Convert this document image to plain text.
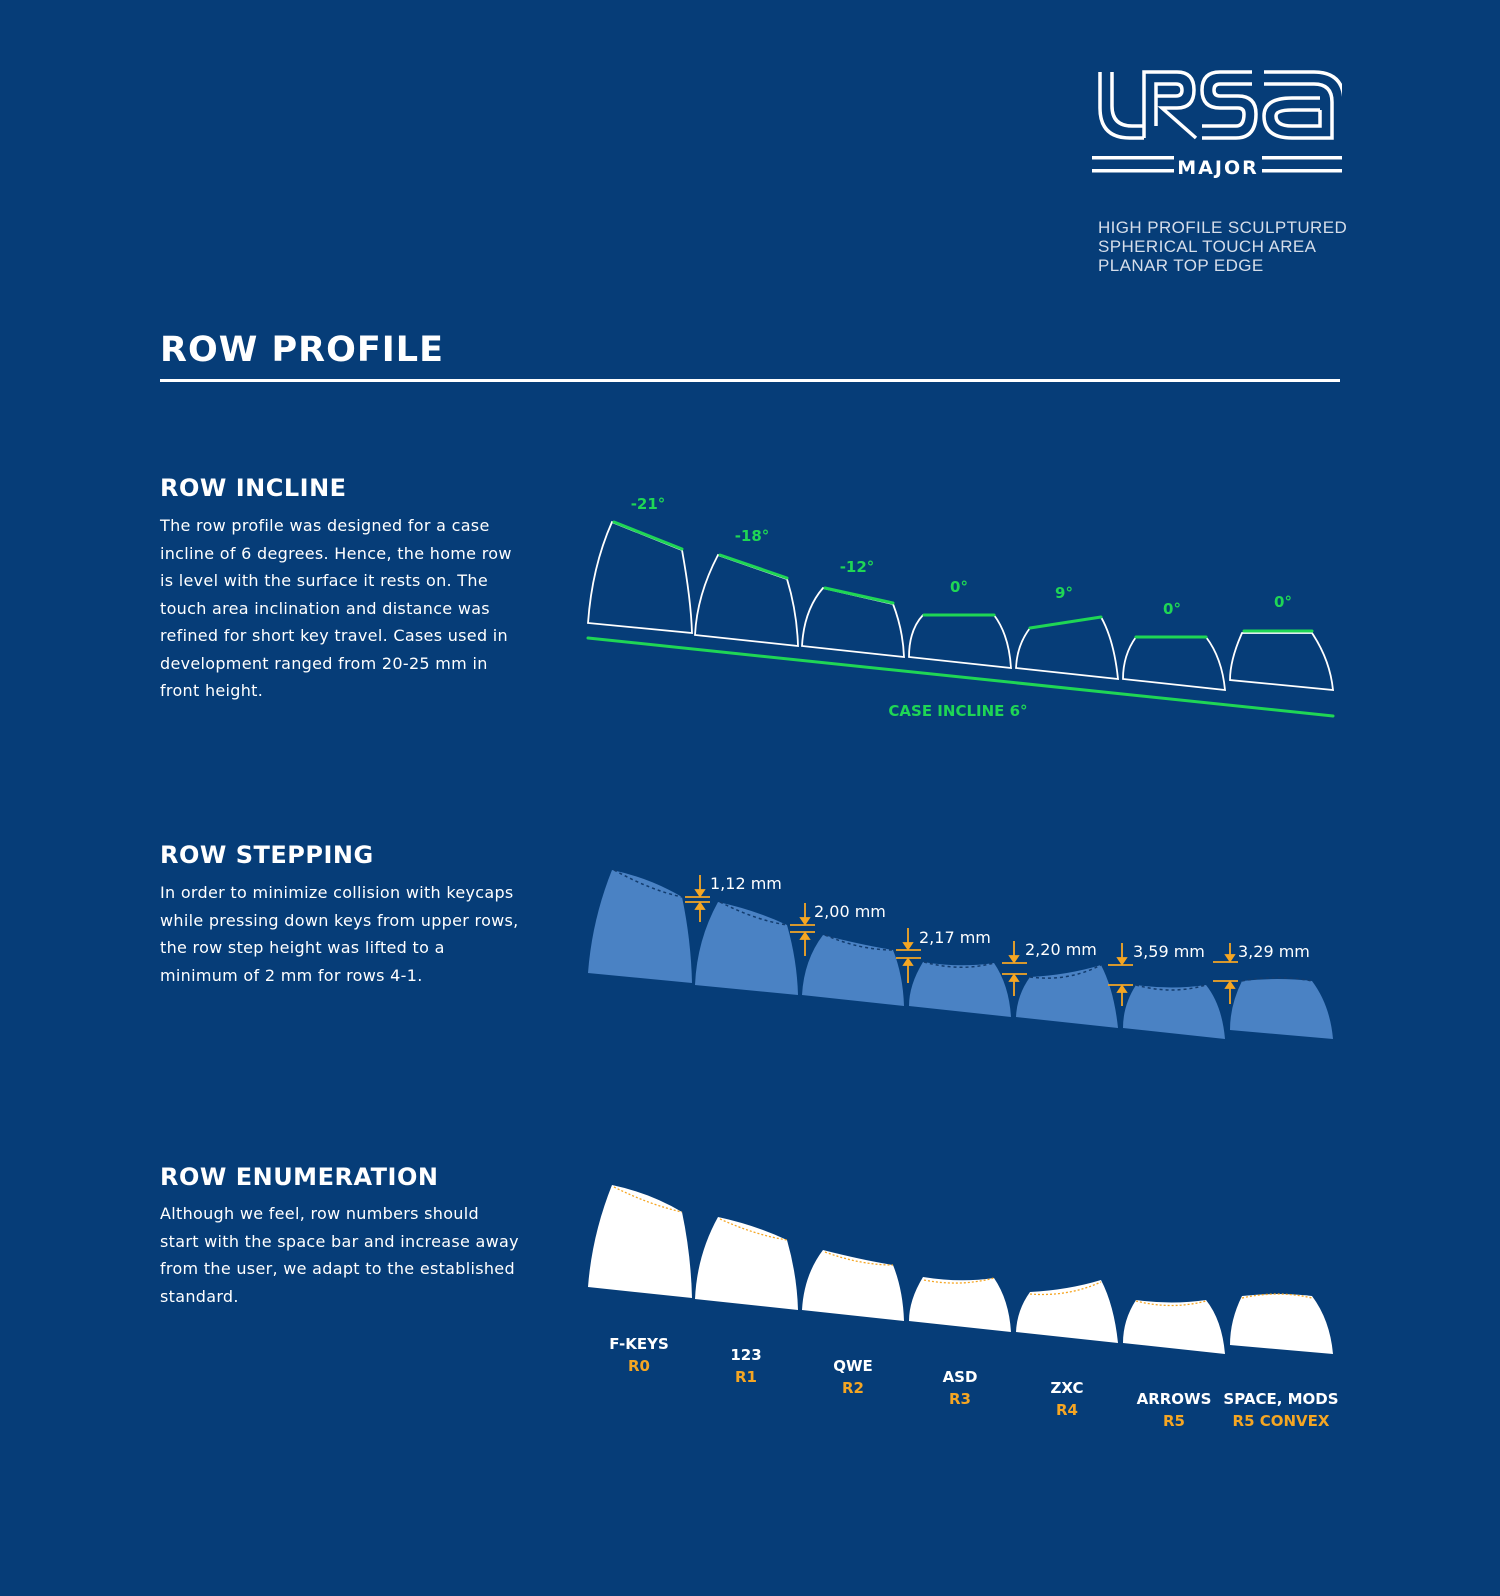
MAJOR
HIGH PROFILE SCULPTURED
SPHERICAL TOUCH AREA
PLANAR TOP EDGE
ROW PROFILE
ROW INCLINE

The row profile was designed for a case incline of 6 degrees. Hence, the home row is level with the surface it rests on. The touch area inclination and distance was refined for short key travel. Cases used in development ranged from 20-25 mm in front height.

ROW STEPPING

In order to minimize collision with keycaps while pressing down keys from upper rows, the row step height was lifted to a minimum of 2 mm for rows 4-1.

ROW ENUMERATION

Although we feel, row numbers should start with the space bar and increase away from the user, we adapt to the established standard.

-21°
-18°
-12°
0°	9°
0°	0°
CASE INCLINE 6°
1,12 mm
2,00 mm
2,17 mm
2,20 mm 3,59 mm 3,29 mm
F-KEYS
R0
123
R1
QWE
R2
ASD
R3
ZXC
R4
ARROWS
R5
SPACE, MODS
R5 CONVEX
